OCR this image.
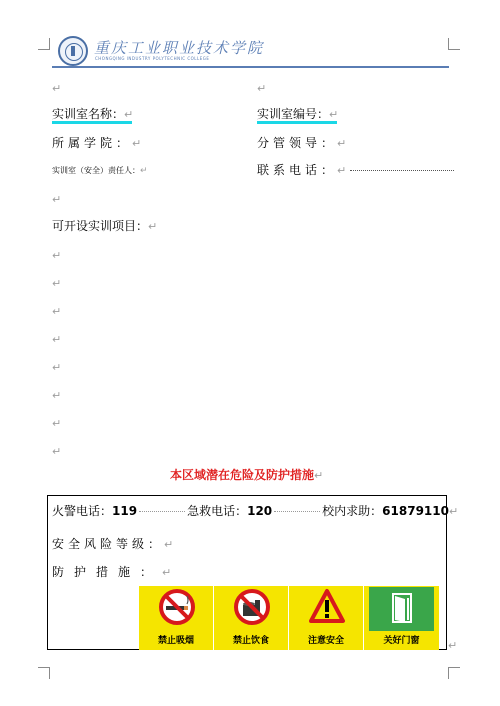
重庆工业职业技术学院
CHONGQING INDUSTRY POLYTECHNIC COLLEGE
↵	↵
实训室名称：↵	实训室编号：↵
所属学院：↵	分管领导：↵
实训室（安全）责任人：↵	联系电话：↵
↵
可开设实训项目：↵
↵
↵
↵
↵
↵
↵
↵
↵
本区域潜在危险及防护措施↵
火警电话：119	急救电话：120	校内求助：61879110↵
安全风险等级：↵
防护措施：↵
禁止吸烟	禁止饮食	注意安全	关好门窗	↵
